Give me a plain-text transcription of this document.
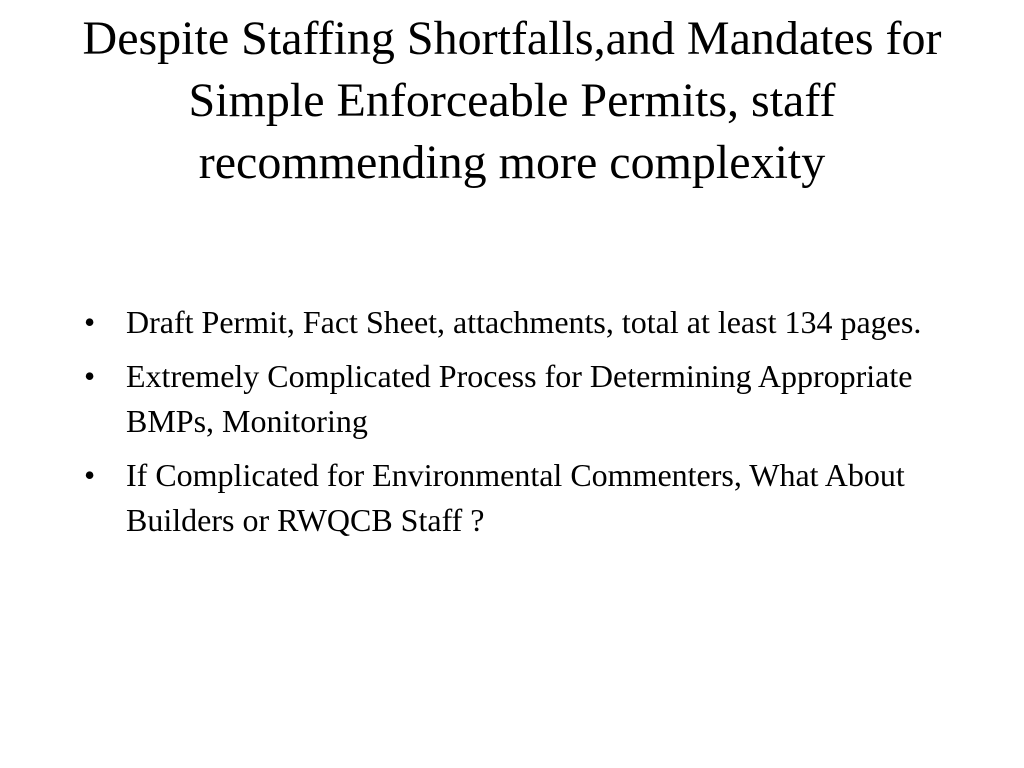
Despite Staffing Shortfalls,and Mandates for Simple Enforceable Permits, staff recommending more complexity
• Draft Permit, Fact Sheet, attachments, total at least 134 pages.
• Extremely Complicated Process for Determining Appropriate BMPs, Monitoring
• If Complicated for Environmental Commenters, What About Builders or RWQCB Staff ?
